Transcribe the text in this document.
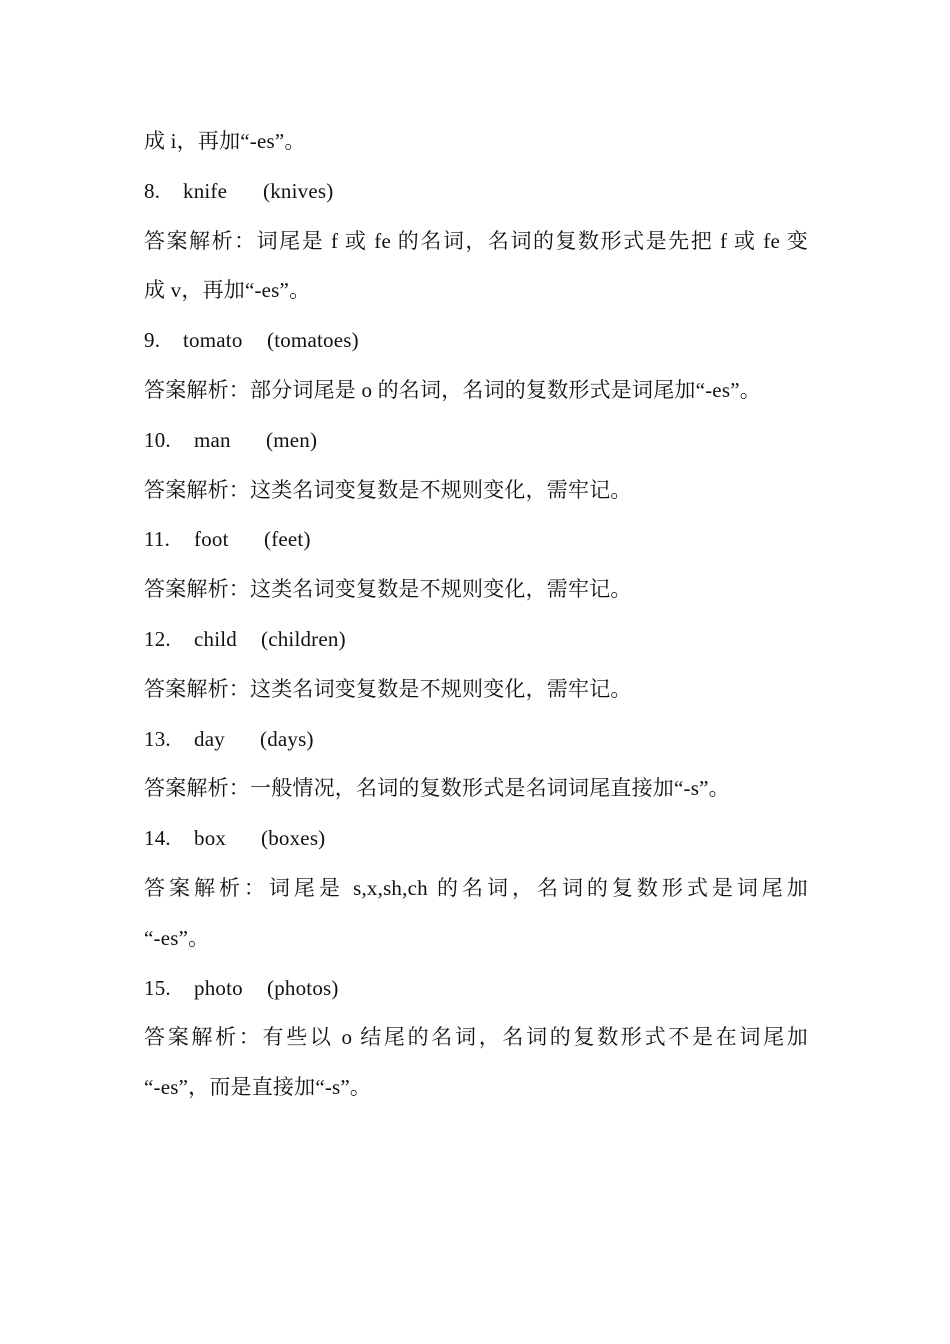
成 i，再加“-es”。
8. knife (knives)
答案解析：词尾是 f 或 fe 的名词，名词的复数形式是先把 f 或 fe 变
成 v，再加“-es”。
9. tomato (tomatoes)
答案解析：部分词尾是 o 的名词，名词的复数形式是词尾加“-es”。
10. man (men)
答案解析：这类名词变复数是不规则变化，需牢记。
11. foot (feet)
答案解析：这类名词变复数是不规则变化，需牢记。
12. child (children)
答案解析：这类名词变复数是不规则变化，需牢记。
13. day (days)
答案解析：一般情况，名词的复数形式是名词词尾直接加“-s”。
14. box (boxes)
答案解析：词尾是 s,x,sh,ch 的名词，名词的复数形式是词尾加
“-es”。
15. photo (photos)
答案解析：有些以 o 结尾的名词，名词的复数形式不是在词尾加
“-es”，而是直接加“-s”。
